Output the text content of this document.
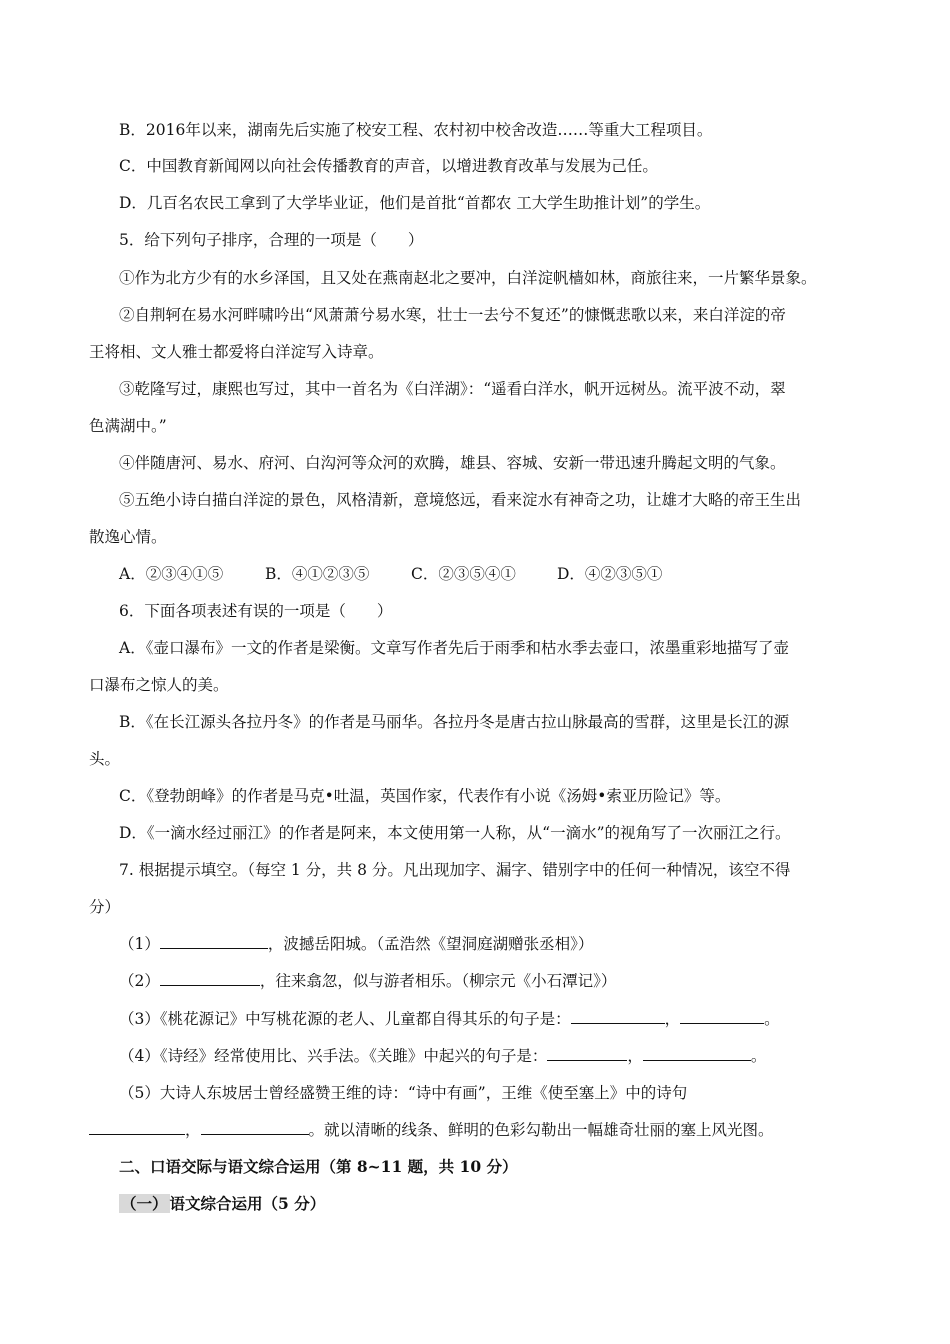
B．2016年以来，湖南先后实施了校安工程、农村初中校舍改造……等重大工程项目。
C．中国教育新闻网以向社会传播教育的声音，以增进教育改革与发展为己任。
D．几百名农民工拿到了大学毕业证，他们是首批“首都农 工大学生助推计划”的学生。
5．给下列句子排序，合理的一项是（　　）
①作为北方少有的水乡泽国，且又处在燕南赵北之要冲，白洋淀帆樯如林，商旅往来，一片繁华景象。
②自荆轲在易水河畔啸吟出“风萧萧兮易水寒，壮士一去兮不复还”的慷慨悲歌以来，来白洋淀的帝
王将相、文人雅士都爱将白洋淀写入诗章。
③乾隆写过，康熙也写过，其中一首名为《白洋湖》：“遥看白洋水，帆开远树丛。流平波不动，翠
色满湖中。”
④伴随唐河、易水、府河、白沟河等众河的欢腾，雄县、容城、安新一带迅速升腾起文明的气象。
⑤五绝小诗白描白洋淀的景色，风格清新，意境悠远，看来淀水有神奇之功，让雄才大略的帝王生出
散逸心情。
A．②③④①⑤	B．④①②③⑤	C．②③⑤④①	D．④②③⑤①
6．下面各项表述有误的一项是（　　）
A．《壶口瀑布》一文的作者是梁衡。文章写作者先后于雨季和枯水季去壶口，浓墨重彩地描写了壶
口瀑布之惊人的美。
B．《在长江源头各拉丹冬》的作者是马丽华。各拉丹冬是唐古拉山脉最高的雪群，这里是长江的源
头。
C．《登勃朗峰》的作者是马克•吐温，英国作家，代表作有小说《汤姆•索亚历险记》等。
D．《一滴水经过丽江》的作者是阿来，本文使用第一人称，从“一滴水”的视角写了一次丽江之行。
7. 根据提示填空。（每空 1 分，共 8 分。凡出现加字、漏字、错别字中的任何一种情况，该空不得
分）
（1）	，波撼岳阳城。（孟浩然《望洞庭湖赠张丞相》）
（2）	，往来翕忽，似与游者相乐。（柳宗元《小石潭记》）
（3）《桃花源记》中写桃花源的老人、儿童都自得其乐的句子是：	，	。
（4）《诗经》经常使用比、兴手法。《关雎》中起兴的句子是：	，	。
（5）大诗人东坡居士曾经盛赞王维的诗：“诗中有画”，王维《使至塞上》中的诗句
，	。就以清晰的线条、鲜明的色彩勾勒出一幅雄奇壮丽的塞上风光图。
二、口语交际与语文综合运用（第 8~11 题，共 10 分）
（一） 语文综合运用（5 分）
